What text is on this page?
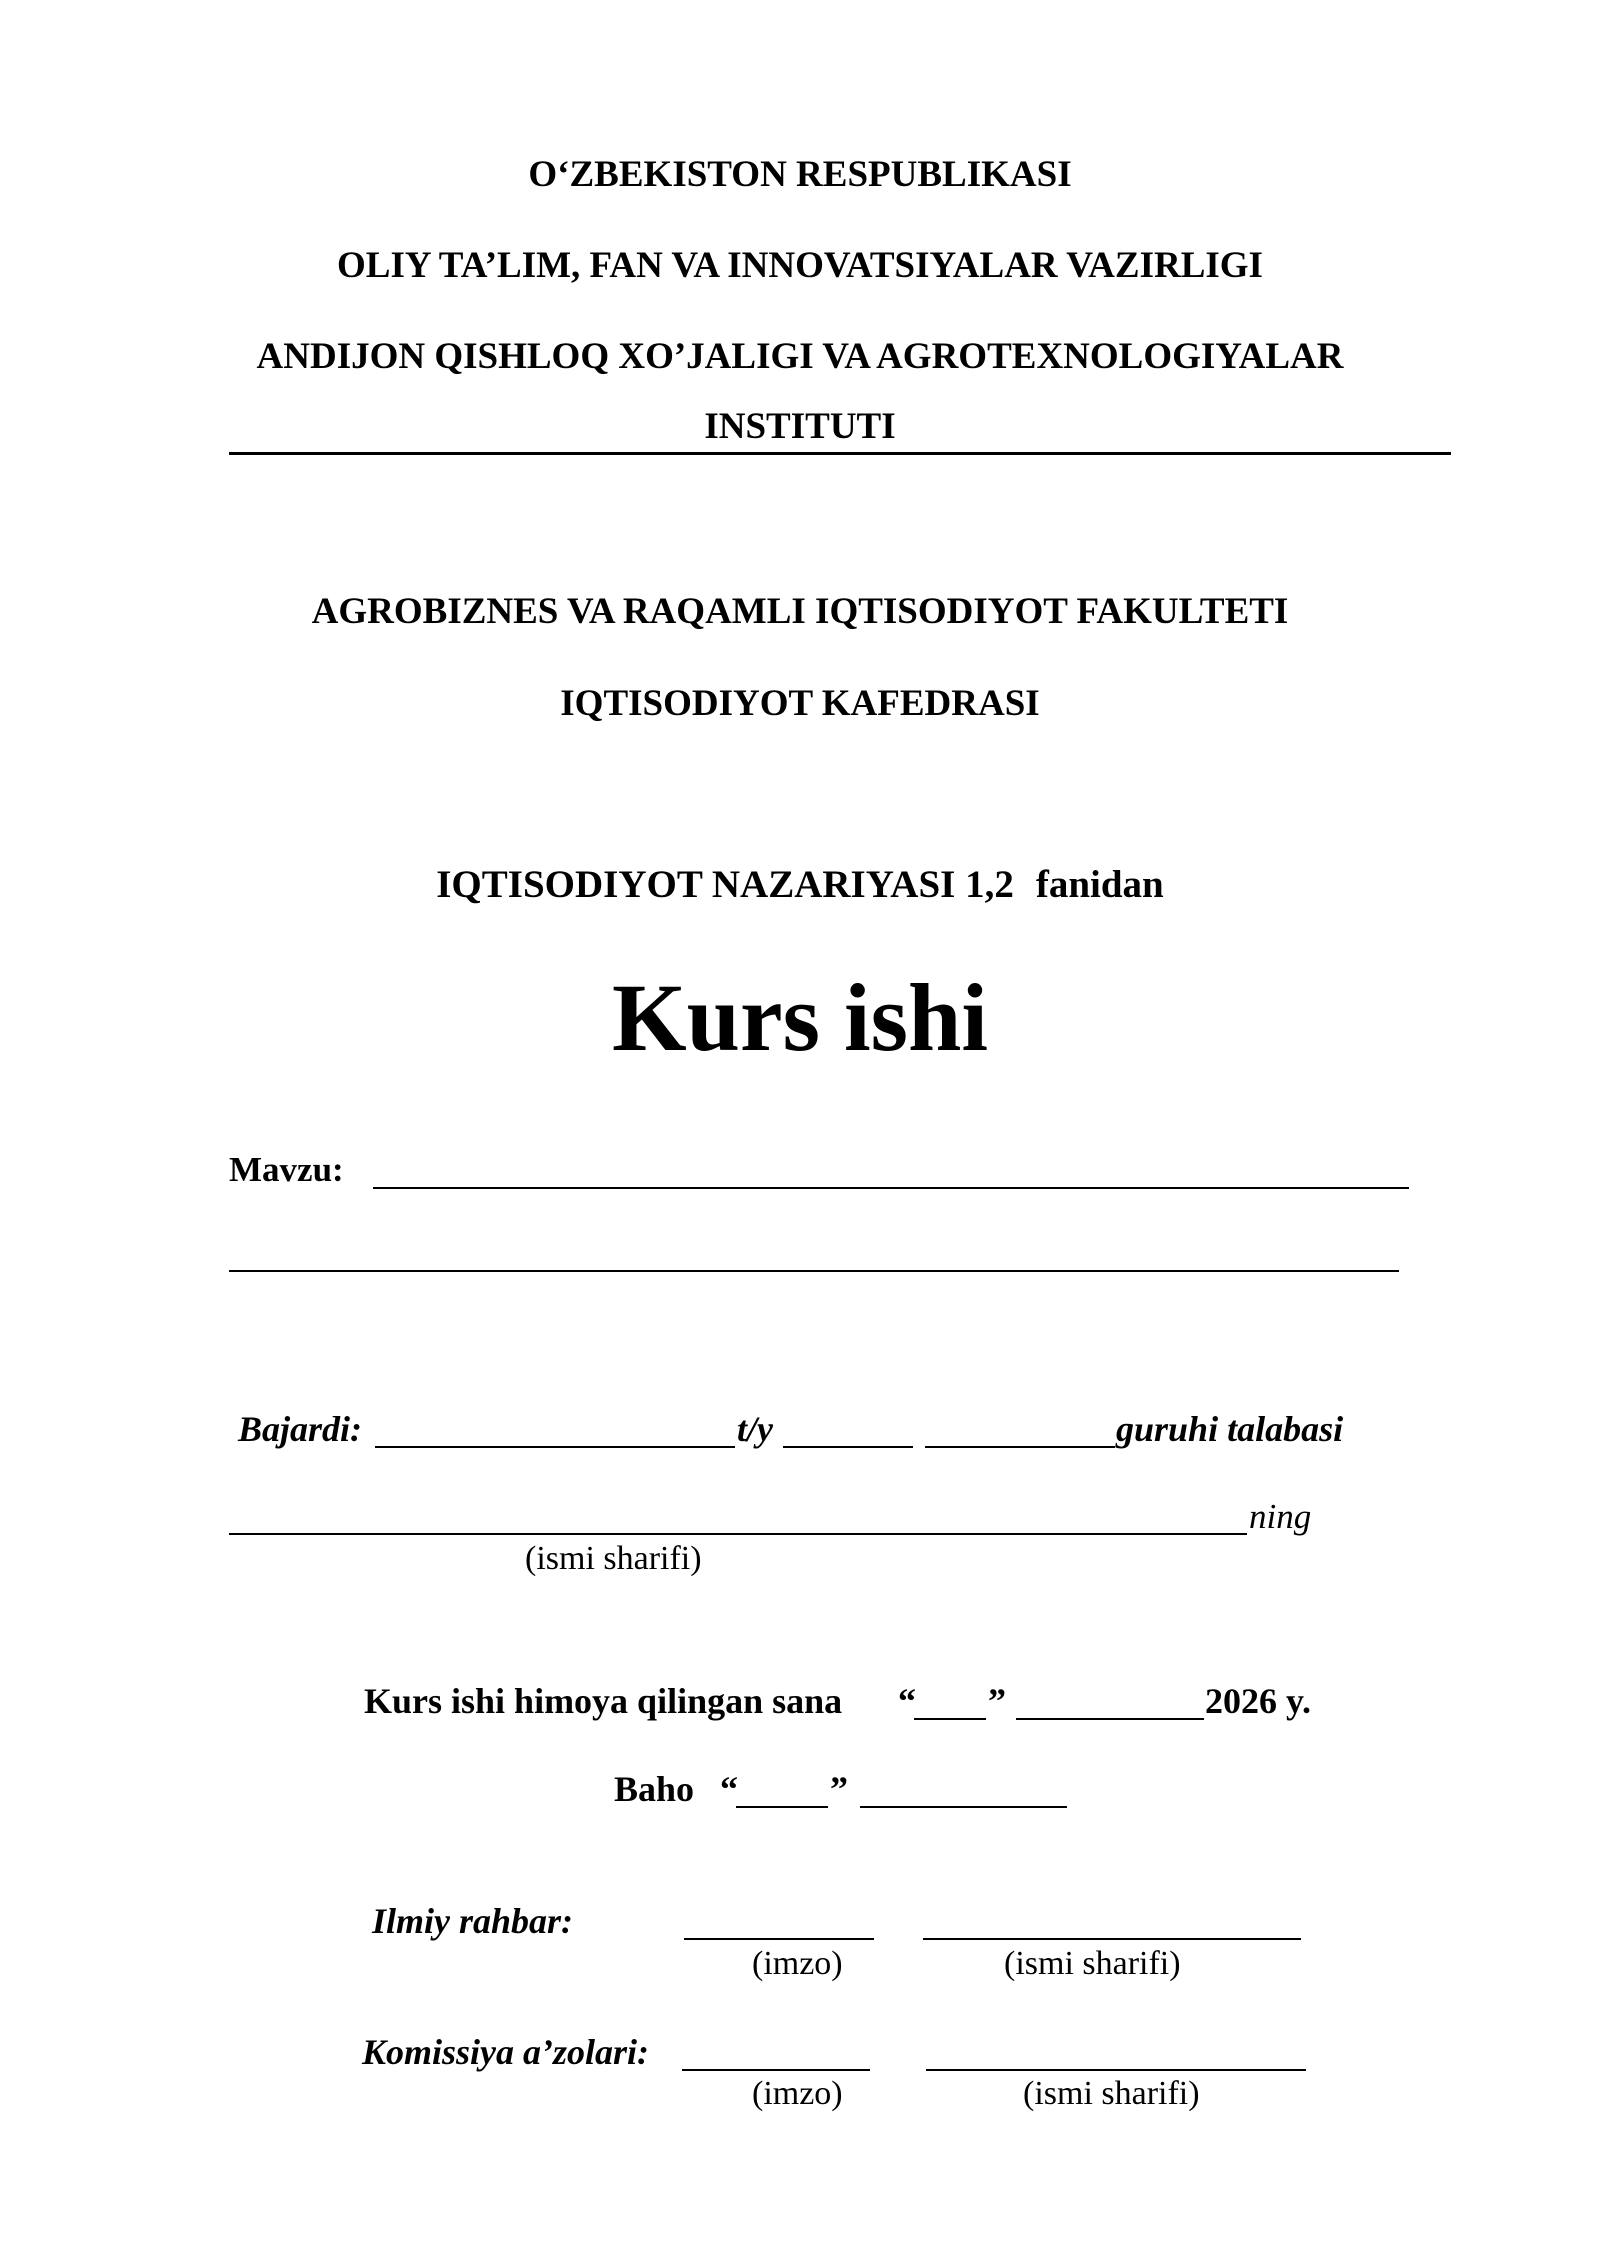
O‘ZBEKISTON RESPUBLIKASI
OLIY TA’LIM, FAN VA INNOVATSIYALAR VAZIRLIGI
ANDIJON QISHLOQ XO’JALIGI VA AGROTEXNOLOGIYALAR
INSTITUTI
AGROBIZNES VA RAQAMLI IQTISODIYOT FAKULTETI
IQTISODIYOT KAFEDRASI
IQTISODIYOT NAZARIYASI 1,2 fanidan
Kurs ishi
Mavzu:
Bajardi:	t/y	guruhi talabasi
ning
(ismi sharifi)
Kurs ishi himoya qilingan sana “ ”	2026 y.
Baho “	”
Ilmiy rahbar:
(imzo)	(ismi sharifi)
Komissiya a’zolari:
(imzo)	(ismi sharifi)
